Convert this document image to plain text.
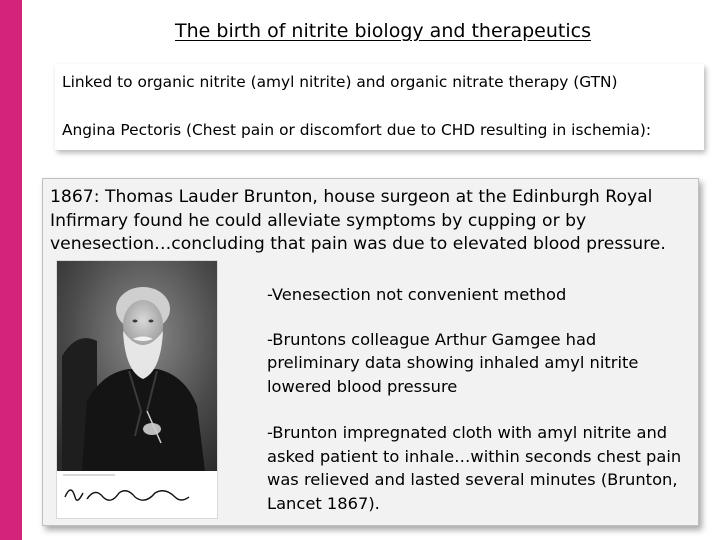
The birth of nitrite biology and therapeutics
Linked to organic nitrite (amyl nitrite) and organic nitrate therapy (GTN)
Angina Pectoris (Chest pain or discomfort due to CHD resulting in ischemia):
1867: Thomas Lauder Brunton, house surgeon at the Edinburgh Royal Infirmary found he could alleviate symptoms by cupping or by venesection…concluding that pain was due to elevated blood pressure.
-Venesection not convenient method
-Bruntons colleague Arthur Gamgee had preliminary data showing inhaled amyl nitrite lowered blood pressure
-Brunton impregnated cloth with amyl nitrite and asked patient to inhale…within seconds chest pain was relieved and lasted several minutes (Brunton, Lancet 1867).
